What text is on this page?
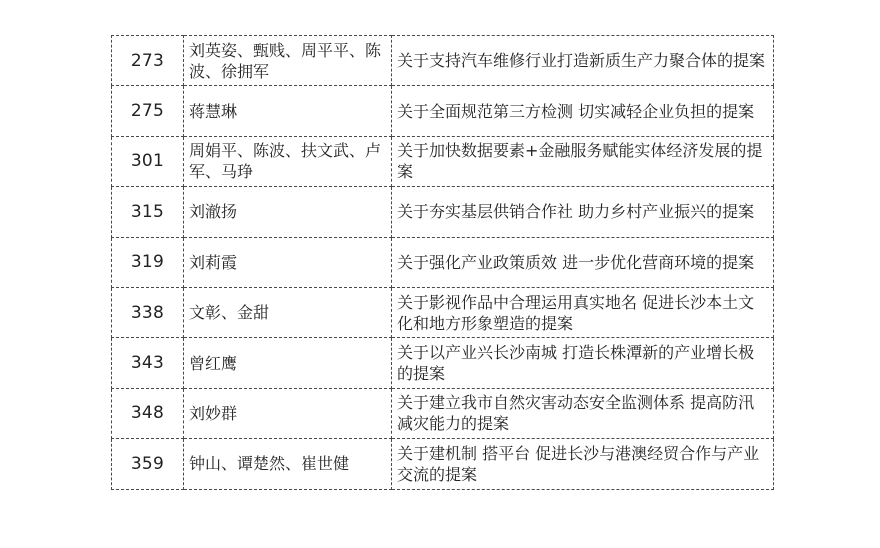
273	刘英姿、甄贱、周平平、陈波、徐拥军	关于支持汽车维修行业打造新质生产力聚合体的提案
275	蒋慧琳	关于全面规范第三方检测 切实减轻企业负担的提案
301	周娟平、陈波、扶文武、卢军、马琤	关于加快数据要素+金融服务赋能实体经济发展的提案
315	刘澈扬	关于夯实基层供销合作社 助力乡村产业振兴的提案
319	刘莉霞	关于强化产业政策质效 进一步优化营商环境的提案
338	文彰、金甜	关于影视作品中合理运用真实地名 促进长沙本土文化和地方形象塑造的提案
343	曾红鹰	关于以产业兴长沙南城 打造长株潭新的产业增长极的提案
348	刘妙群	关于建立我市自然灾害动态安全监测体系 提高防汛减灾能力的提案
359	钟山、谭楚然、崔世健	关于建机制 搭平台 促进长沙与港澳经贸合作与产业交流的提案
